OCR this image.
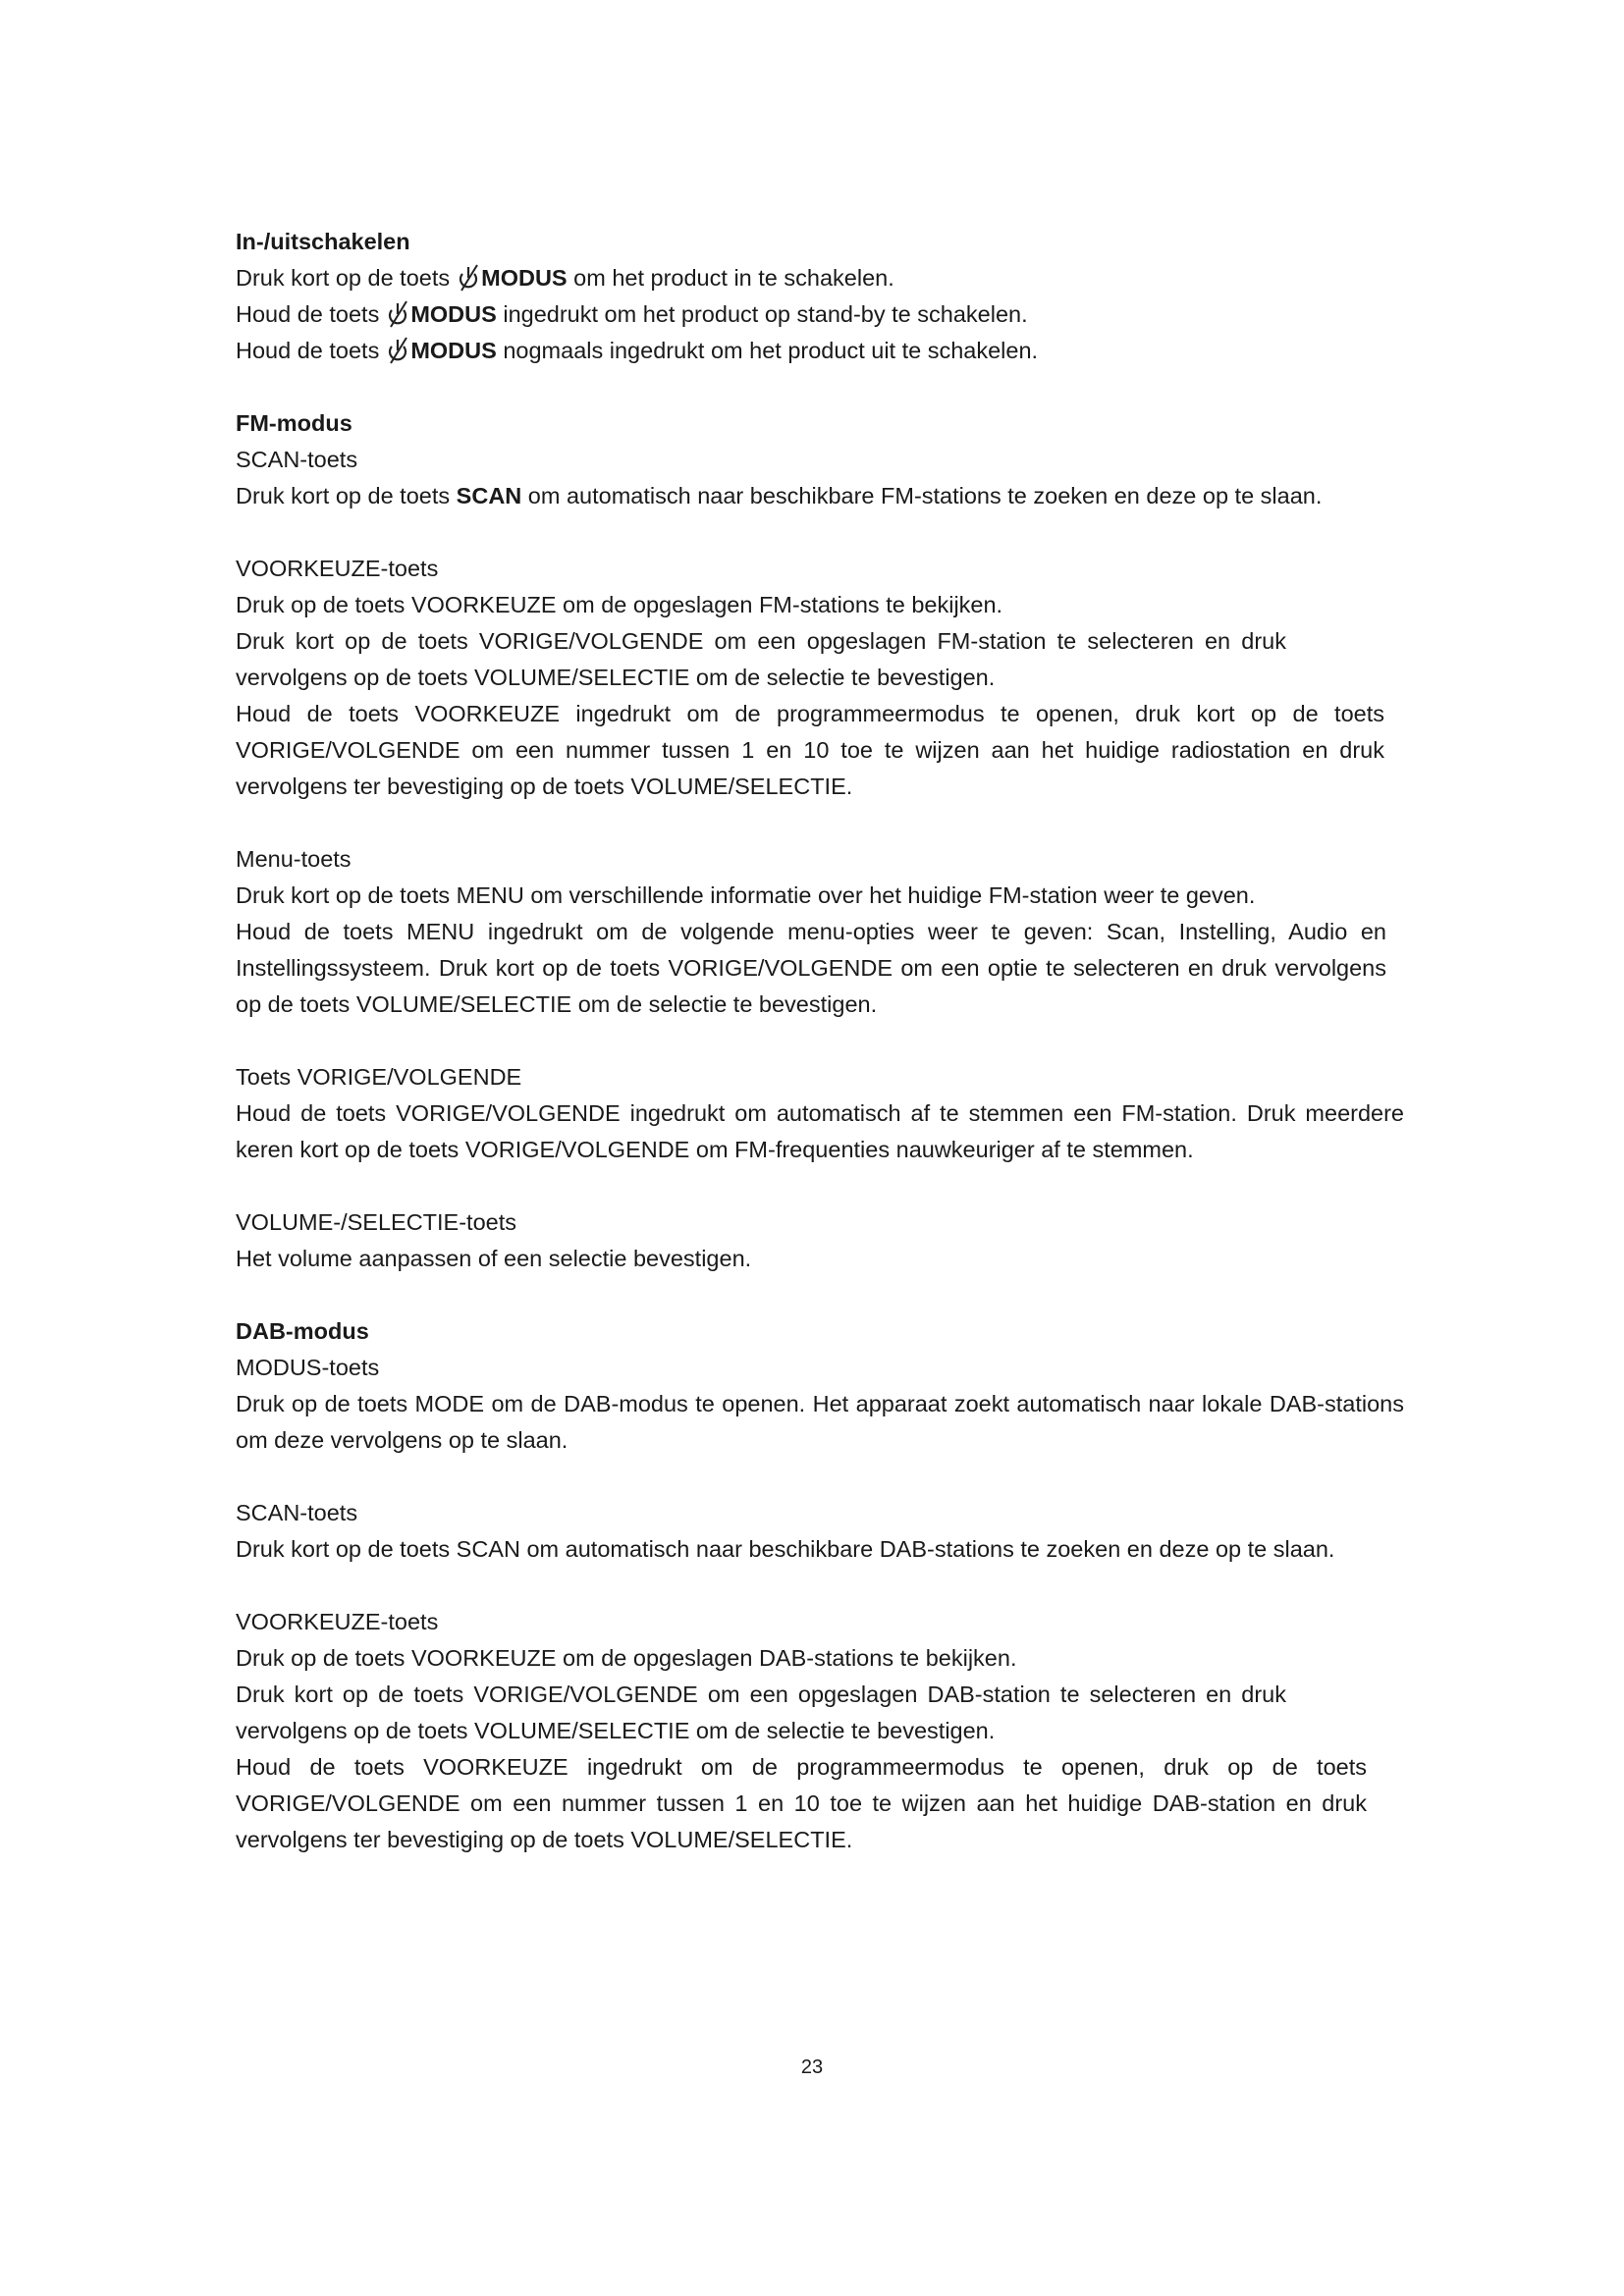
In-/uitschakelen

Druk kort op de toets MODUS om het product in te schakelen.

Houd de toets MODUS ingedrukt om het product op stand-by te schakelen.

Houd de toets MODUS nogmaals ingedrukt om het product uit te schakelen.

FM-modus

SCAN-toets

Druk kort op de toets SCAN om automatisch naar beschikbare FM-stations te zoeken en deze op te slaan.

VOORKEUZE-toets

Druk op de toets VOORKEUZE om de opgeslagen FM-stations te bekijken.

Druk kort op de toets VORIGE/VOLGENDE om een opgeslagen FM-station te selecteren en druk vervolgens op de toets VOLUME/SELECTIE om de selectie te bevestigen.

Houd de toets VOORKEUZE ingedrukt om de programmeermodus te openen, druk kort op de toets VORIGE/VOLGENDE om een nummer tussen 1 en 10 toe te wijzen aan het huidige radiostation en druk vervolgens ter bevestiging op de toets VOLUME/SELECTIE.

Menu-toets

Druk kort op de toets MENU om verschillende informatie over het huidige FM-station weer te geven.

Houd de toets MENU ingedrukt om de volgende menu-opties weer te geven: Scan, Instelling, Audio en Instellingssysteem. Druk kort op de toets VORIGE/VOLGENDE om een optie te selecteren en druk vervolgens op de toets VOLUME/SELECTIE om de selectie te bevestigen.

Toets VORIGE/VOLGENDE

Houd de toets VORIGE/VOLGENDE ingedrukt om automatisch af te stemmen een FM-station. Druk meerdere keren kort op de toets VORIGE/VOLGENDE om FM-frequenties nauwkeuriger af te stemmen.

VOLUME-/SELECTIE-toets

Het volume aanpassen of een selectie bevestigen.

DAB-modus

MODUS-toets

Druk op de toets MODE om de DAB-modus te openen. Het apparaat zoekt automatisch naar lokale DAB-stations om deze vervolgens op te slaan.

SCAN-toets

Druk kort op de toets SCAN om automatisch naar beschikbare DAB-stations te zoeken en deze op te slaan.

VOORKEUZE-toets

Druk op de toets VOORKEUZE om de opgeslagen DAB-stations te bekijken.

Druk kort op de toets VORIGE/VOLGENDE om een opgeslagen DAB-station te selecteren en druk vervolgens op de toets VOLUME/SELECTIE om de selectie te bevestigen.

Houd de toets VOORKEUZE ingedrukt om de programmeermodus te openen, druk op de toets VORIGE/VOLGENDE om een nummer tussen 1 en 10 toe te wijzen aan het huidige DAB-station en druk vervolgens ter bevestiging op de toets VOLUME/SELECTIE.

23
